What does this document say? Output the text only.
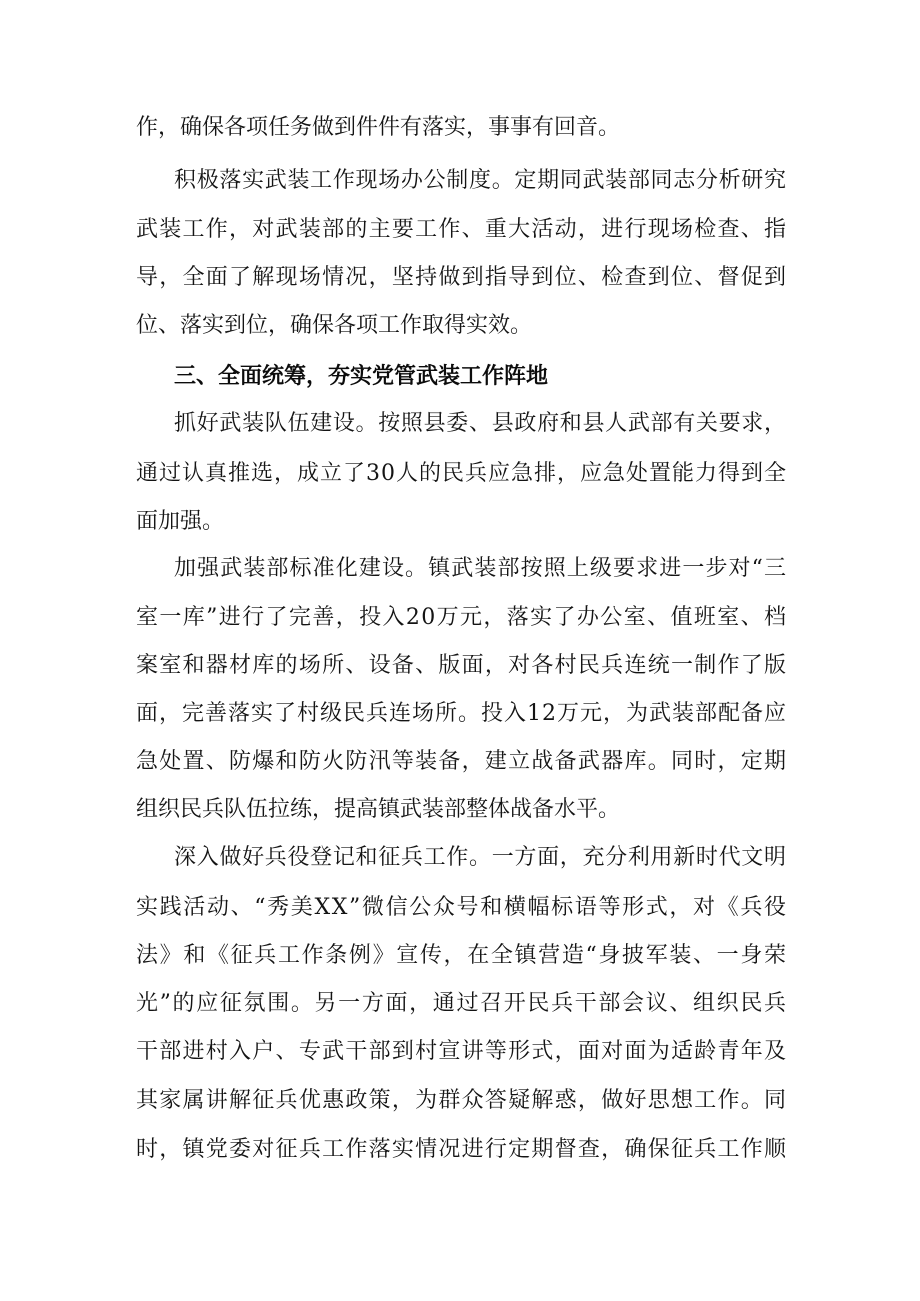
作，确保各项任务做到件件有落实，事事有回音。
积极落实武装工作现场办公制度。定期同武装部同志分析研究
武装工作，对武装部的主要工作、重大活动，进行现场检查、指
导，全面了解现场情况，坚持做到指导到位、检查到位、督促到
位、落实到位，确保各项工作取得实效。
三、全面统筹，夯实党管武装工作阵地
抓好武装队伍建设。按照县委、县政府和县人武部有关要求，
通过认真推选，成立了30人的民兵应急排，应急处置能力得到全
面加强。
加强武装部标准化建设。镇武装部按照上级要求进一步对“三
室一库”进行了完善，投入20万元，落实了办公室、值班室、档
案室和器材库的场所、设备、版面，对各村民兵连统一制作了版
面，完善落实了村级民兵连场所。投入12万元，为武装部配备应
急处置、防爆和防火防汛等装备，建立战备武器库。同时，定期
组织民兵队伍拉练，提高镇武装部整体战备水平。
深入做好兵役登记和征兵工作。一方面，充分利用新时代文明
实践活动、“秀美XX”微信公众号和横幅标语等形式，对《兵役
法》和《征兵工作条例》宣传，在全镇营造“身披军装、一身荣
光”的应征氛围。另一方面，通过召开民兵干部会议、组织民兵
干部进村入户、专武干部到村宣讲等形式，面对面为适龄青年及
其家属讲解征兵优惠政策，为群众答疑解惑，做好思想工作。同
时，镇党委对征兵工作落实情况进行定期督查，确保征兵工作顺
